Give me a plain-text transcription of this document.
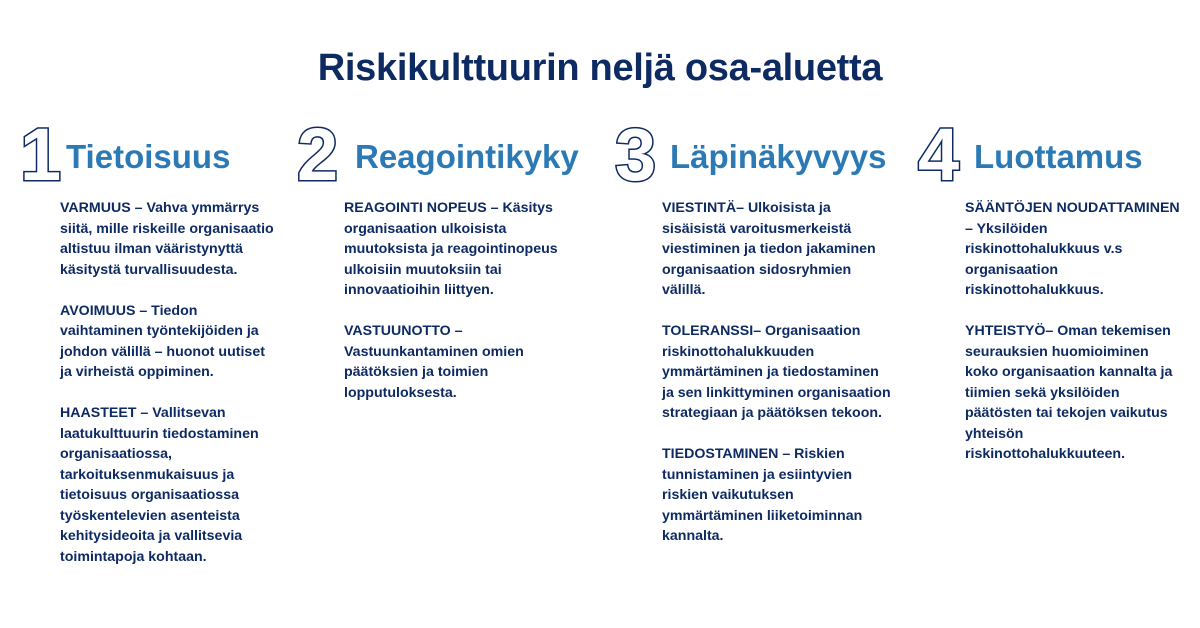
Riskikulttuurin neljä osa-aluetta
1 Tietoisuus

VARMUUS – Vahva ymmärrys siitä, mille riskeille organisaatio altistuu ilman vääristynyttä käsitystä turvallisuudesta.

AVOIMUUS – Tiedon vaihtaminen työntekijöiden ja johdon välillä – huonot uutiset ja virheistä oppiminen.

HAASTEET – Vallitsevan laatukulttuurin tiedostaminen organisaatiossa, tarkoituksenmukaisuus ja tietoisuus organisaatiossa työskentelevien asenteista kehitysideoita ja vallitsevia toimintapoja kohtaan.

2 Reagointikyky

REAGOINTI NOPEUS – Käsitys organisaation ulkoisista muutoksista ja reagointinopeus ulkoisiin muutoksiin tai innovaatioihin liittyen.

VASTUUNOTTO – Vastuunkantaminen omien päätöksien ja toimien lopputuloksesta.

3 Läpinäkyvyys

VIESTINTÄ– Ulkoisista ja sisäisistä varoitusmerkeistä viestiminen ja tiedon jakaminen organisaation sidosryhmien välillä.

TOLERANSSI– Organisaation riskinottohalukkuuden ymmärtäminen ja tiedostaminen ja sen linkittyminen organisaation strategiaan ja päätöksen tekoon.

TIEDOSTAMINEN – Riskien tunnistaminen ja esiintyvien riskien vaikutuksen ymmärtäminen liiketoiminnan kannalta.

4 Luottamus

SÄÄNTÖJEN NOUDATTAMINEN – Yksilöiden riskinottohalukkuus v.s organisaation riskinottohalukkuus.

YHTEISTYÖ– Oman tekemisen seurauksien huomioiminen koko organisaation kannalta ja tiimien sekä yksilöiden päätösten tai tekojen vaikutus yhteisön riskinottohalukkuuteen.
